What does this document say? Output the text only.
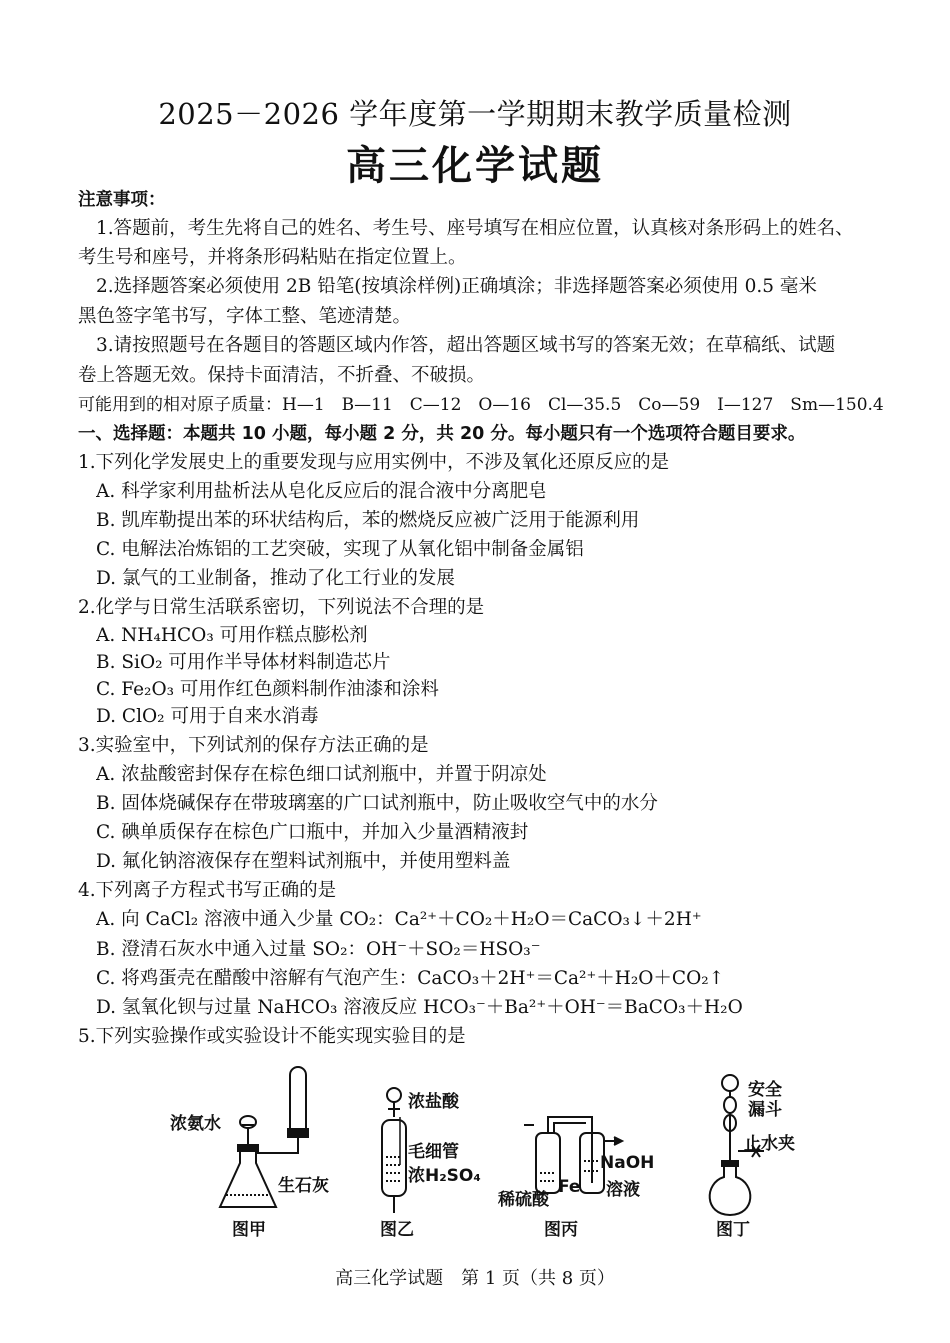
2025－2026 学年度第一学期期末教学质量检测
高三化学试题
注意事项：
1.答题前，考生先将自己的姓名、考生号、座号填写在相应位置，认真核对条形码上的姓名、
考生号和座号，并将条形码粘贴在指定位置上。
2.选择题答案必须使用 2B 铅笔(按填涂样例)正确填涂；非选择题答案必须使用 0.5 毫米
黑色签字笔书写，字体工整、笔迹清楚。
3.请按照题号在各题目的答题区域内作答，超出答题区域书写的答案无效；在草稿纸、试题
卷上答题无效。保持卡面清洁，不折叠、不破损。
可能用到的相对原子质量：H—1　B—11　C—12　O—16　Cl—35.5　Co—59　I—127　Sm—150.4
一、选择题：本题共 10 小题，每小题 2 分，共 20 分。每小题只有一个选项符合题目要求。
1.下列化学发展史上的重要发现与应用实例中，不涉及氧化还原反应的是
A. 科学家利用盐析法从皂化反应后的混合液中分离肥皂
B. 凯库勒提出苯的环状结构后，苯的燃烧反应被广泛用于能源利用
C. 电解法冶炼铝的工艺突破，实现了从氧化铝中制备金属铝
D. 氯气的工业制备，推动了化工行业的发展
2.化学与日常生活联系密切，下列说法不合理的是
A. NH₄HCO₃ 可用作糕点膨松剂
B. SiO₂ 可用作半导体材料制造芯片
C. Fe₂O₃ 可用作红色颜料制作油漆和涂料
D. ClO₂ 可用于自来水消毒
3.实验室中，下列试剂的保存方法正确的是
A. 浓盐酸密封保存在棕色细口试剂瓶中，并置于阴凉处
B. 固体烧碱保存在带玻璃塞的广口试剂瓶中，防止吸收空气中的水分
C. 碘单质保存在棕色广口瓶中，并加入少量酒精液封
D. 氟化钠溶液保存在塑料试剂瓶中，并使用塑料盖
4.下列离子方程式书写正确的是
A. 向 CaCl₂ 溶液中通入少量 CO₂：Ca²⁺＋CO₂＋H₂O＝CaCO₃↓＋2H⁺
B. 澄清石灰水中通入过量 SO₂：OH⁻＋SO₂＝HSO₃⁻
C. 将鸡蛋壳在醋酸中溶解有气泡产生：CaCO₃＋2H⁺＝Ca²⁺＋H₂O＋CO₂↑
D. 氢氧化钡与过量 NaHCO₃ 溶液反应 HCO₃⁻＋Ba²⁺＋OH⁻＝BaCO₃＋H₂O
5.下列实验操作或实验设计不能实现实验目的是
浓氨水
生石灰
图甲
浓盐酸
毛细管
浓H₂SO₄
图乙
稀硫酸
Fe
NaOH
溶液
图丙
安全
漏斗
止水夹
图丁
高三化学试题　第 1 页（共 8 页）
